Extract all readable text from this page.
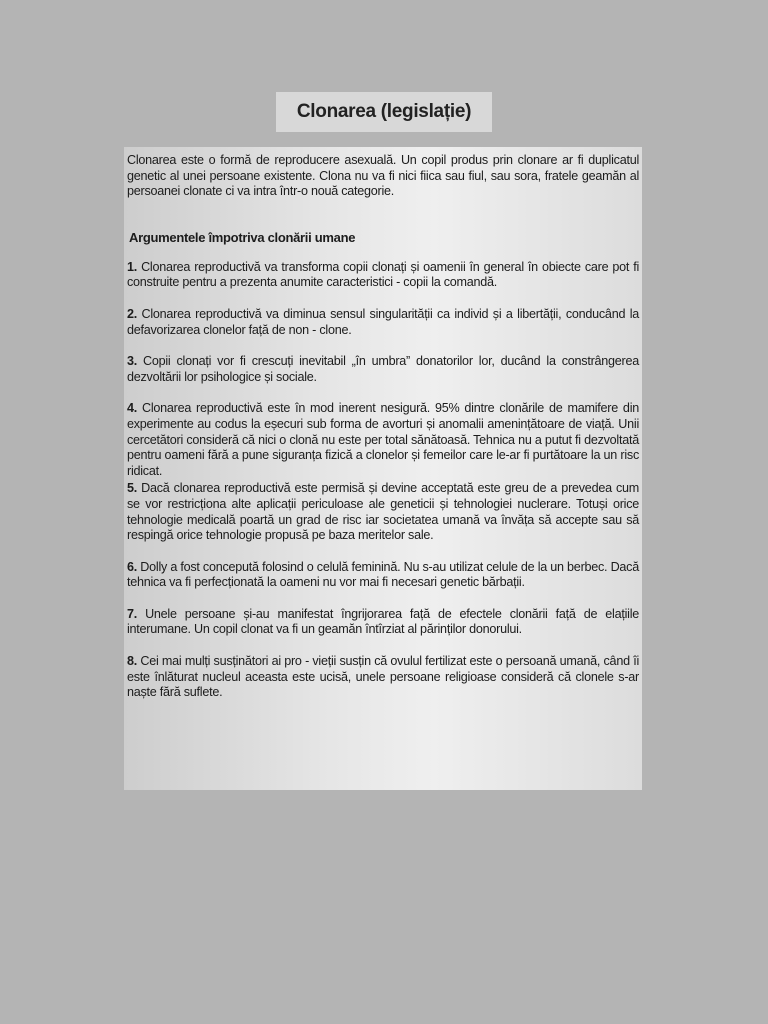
Clonarea (legislație)

Clonarea este o formă de reproducere asexuală. Un copil produs prin clonare ar fi duplicatul genetic al unei persoane existente. Clona nu va fi nici fiica sau fiul, sau sora, fratele geamăn al persoanei clonate ci va intra într-o nouă categorie.

Argumentele împotriva clonării umane

1. Clonarea reproductivă va transforma copii clonați și oamenii în general în obiecte care pot fi construite pentru a prezenta anumite caracteristici - copii la comandă.

2. Clonarea reproductivă va diminua sensul singularității ca individ și a libertății, conducând la defavorizarea clonelor față de non - clone.

3. Copii clonați vor fi crescuți inevitabil „în umbra” donatorilor lor, ducând la constrângerea dezvoltării lor psihologice și sociale.

4. Clonarea reproductivă este în mod inerent nesigură. 95% dintre clonările de mamifere din experimente au codus la eșecuri sub forma de avorturi și anomalii amenințătoare de viață. Unii cercetători consideră că nici o clonă nu este per total sănătoasă. Tehnica nu a putut fi dezvoltată pentru oameni fără a pune siguranța fizică a clonelor și femeilor care le-ar fi purtătoare la un risc ridicat.

5. Dacă clonarea reproductivă este permisă și devine acceptată este greu de a prevedea cum se vor restricționa alte aplicații periculoase ale geneticii și tehnologiei nuclerare. Totuși orice tehnologie medicală poartă un grad de risc iar societatea umană va învăța să accepte sau să respingă orice tehnologie propusă pe baza meritelor sale.

6. Dolly a fost concepută folosind o celulă feminină. Nu s-au utilizat celule de la un berbec. Dacă tehnica va fi perfecționată la oameni nu vor mai fi necesari genetic bărbații.

7. Unele persoane și-au manifestat îngrijorarea față de efectele clonării față de elațiile interumane. Un copil clonat va fi un geamăn întîrziat al părinților donorului.

8. Cei mai mulți susținători ai pro - vieții susțin că ovulul fertilizat este o persoană umană, când îi este înlăturat nucleul aceasta este ucisă, unele persoane religioase consideră că clonele s-ar naște fără suflete.
